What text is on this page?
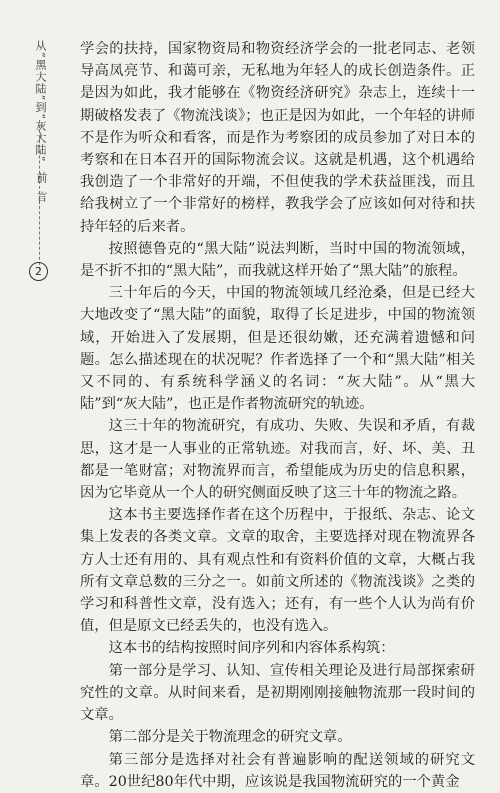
从“黑大陆”到“灰大陆”
前言
2

学会的扶持，国家物资局和物资经济学会的一批老同志、老领导高凤亮节、和蔼可亲，无私地为年轻人的成长创造条件。正是因为如此，我才能够在《物资经济研究》杂志上，连续十一期破格发表了《物流浅谈》；也正是因为如此，一个年轻的讲师不是作为听众和看客，而是作为考察团的成员参加了对日本的考察和在日本召开的国际物流会议。这就是机遇，这个机遇给我创造了一个非常好的开端，不但使我的学术获益匪浅，而且给我树立了一个非常好的榜样，教我学会了应该如何对待和扶持年轻的后来者。

按照德鲁克的“黑大陆”说法判断，当时中国的物流领域，是不折不扣的“黑大陆”，而我就这样开始了“黑大陆”的旅程。

三十年后的今天，中国的物流领域几经沧桑，但是已经大大地改变了“黑大陆”的面貌，取得了长足进步，中国的物流领域，开始进入了发展期，但是还很幼嫩，还充满着遗憾和问题。怎么描述现在的状况呢？作者选择了一个和“黑大陆”相关又不同的、有系统科学涵义的名词：“灰大陆”。从“黑大陆”到“灰大陆”，也正是作者物流研究的轨迹。

这三十年的物流研究，有成功、失败、失误和矛盾，有裁思，这才是一人事业的正常轨迹。对我而言，好、坏、美、丑都是一笔财富；对物流界而言，希望能成为历史的信息积累，因为它毕竟从一个人的研究侧面反映了这三十年的物流之路。

这本书主要选择作者在这个历程中，于报纸、杂志、论文集上发表的各类文章。文章的取舍，主要选择对现在物流界各方人士还有用的、具有观点性和有资料价值的文章，大概占我所有文章总数的三分之一。如前文所述的《物流浅谈》之类的学习和科普性文章，没有选入；还有，有一些个人认为尚有价值，但是原文已经丢失的，也没有选入。

这本书的结构按照时间序列和内容体系构筑：

第一部分是学习、认知、宣传相关理论及进行局部探索研究性的文章。从时间来看，是初期刚刚接触物流那一段时间的文章。

第二部分是关于物流理念的研究文章。

第三部分是选择对社会有普遍影响的配送领域的研究文章。20世纪80年代中期，应该说是我国物流研究的一个黄金
